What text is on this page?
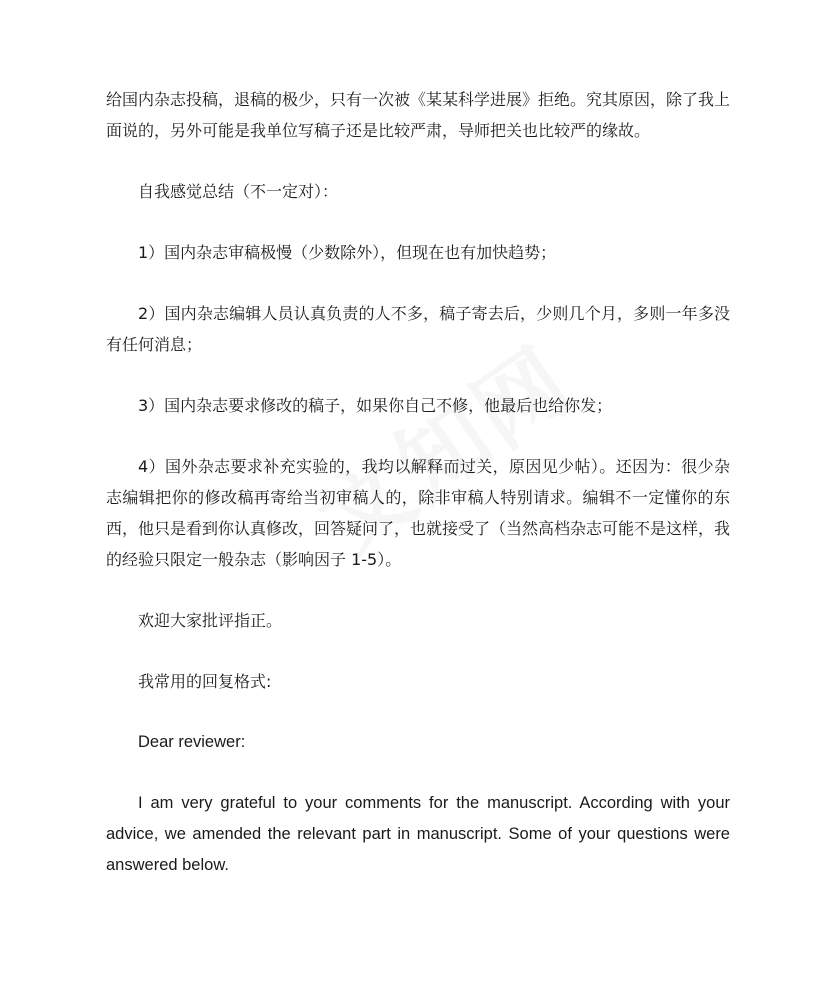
给国内杂志投稿，退稿的极少，只有一次被《某某科学进展》拒绝。究其原因，除了我上面说的，另外可能是我单位写稿子还是比较严肃，导师把关也比较严的缘故。

自我感觉总结（不一定对）：

1）国内杂志审稿极慢（少数除外），但现在也有加快趋势；

2）国内杂志编辑人员认真负责的人不多，稿子寄去后，少则几个月，多则一年多没有任何消息；

3）国内杂志要求修改的稿子，如果你自己不修，他最后也给你发；

4）国外杂志要求补充实验的，我均以解释而过关，原因见少帖）。还因为：很少杂志编辑把你的修改稿再寄给当初审稿人的，除非审稿人特别请求。编辑不一定懂你的东西，他只是看到你认真修改，回答疑问了，也就接受了（当然高档杂志可能不是这样，我的经验只限定一般杂志（影响因子 1-5）。

欢迎大家批评指正。

我常用的回复格式:

Dear reviewer:

I am very grateful to your comments for the manuscript. According with your advice, we amended the relevant part in manuscript. Some of your questions were answered below.
